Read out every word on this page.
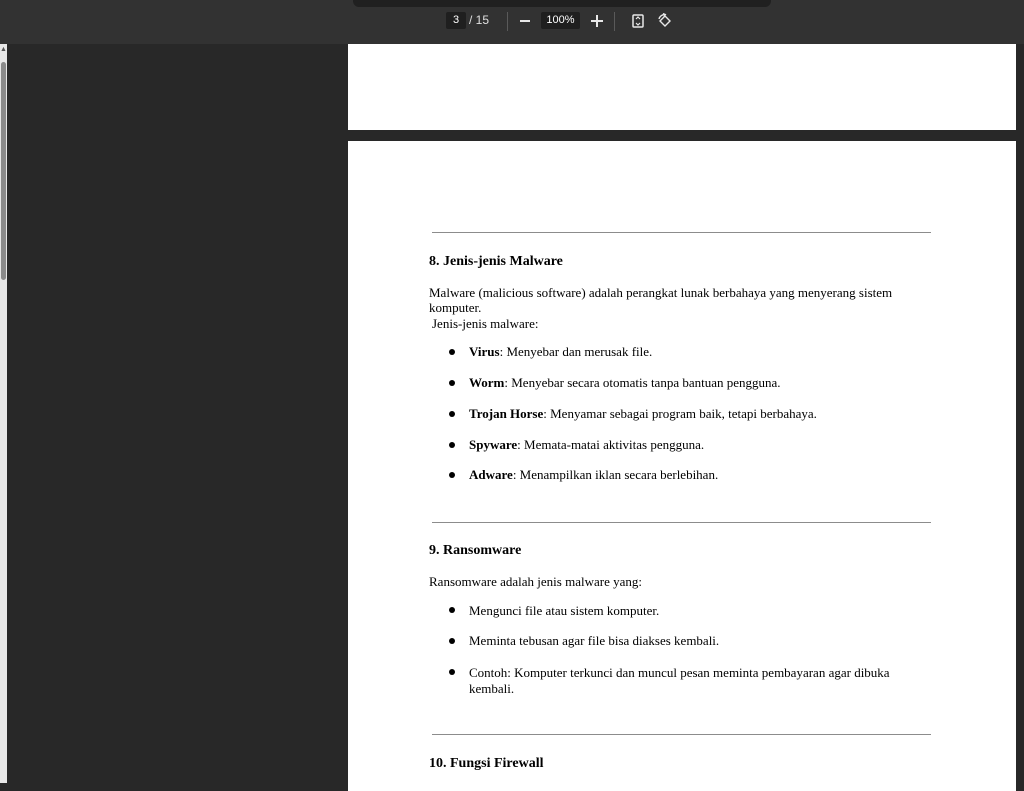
3 / 15	100%
▲
8. Jenis-jenis Malware
Malware (malicious software) adalah perangkat lunak berbahaya yang menyerang sistem
komputer.
Jenis-jenis malware:
Virus: Menyebar dan merusak file.
Worm: Menyebar secara otomatis tanpa bantuan pengguna.
Trojan Horse: Menyamar sebagai program baik, tetapi berbahaya.
Spyware: Memata-matai aktivitas pengguna.
Adware: Menampilkan iklan secara berlebihan.
9. Ransomware
Ransomware adalah jenis malware yang:
Mengunci file atau sistem komputer.
Meminta tebusan agar file bisa diakses kembali.
Contoh: Komputer terkunci dan muncul pesan meminta pembayaran agar dibuka
kembali.
10. Fungsi Firewall
